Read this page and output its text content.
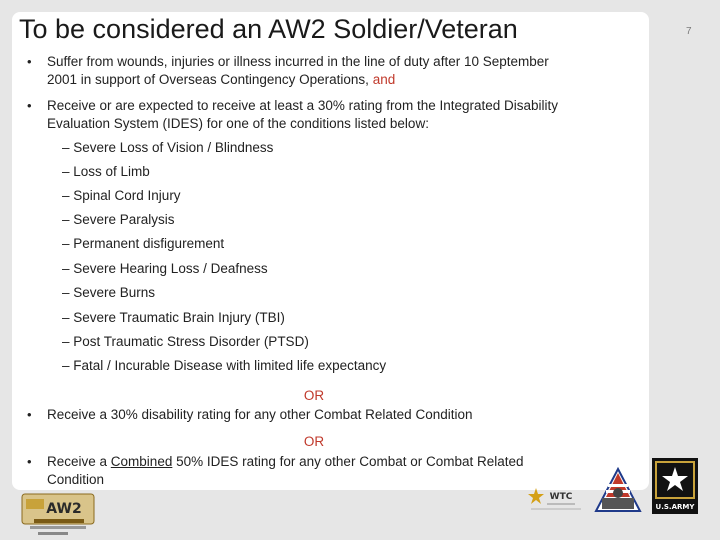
To be considered an AW2 Soldier/Veteran	7
• Suffer from wounds, injuries or illness incurred in the line of duty after 10 September
2001 in support of Overseas Contingency Operations, and
• Receive or are expected to receive at least a 30% rating from the Integrated Disability
Evaluation System (IDES) for one of the conditions listed below:
– Severe Loss of Vision / Blindness
– Loss of Limb
– Spinal Cord Injury
– Severe Paralysis
– Permanent disfigurement
– Severe Hearing Loss / Deafness
– Severe Burns
– Severe Traumatic Brain Injury (TBI)
– Post Traumatic Stress Disorder (PTSD)
– Fatal / Incurable Disease with limited life expectancy
OR
• Receive a 30% disability rating for any other Combat Related Condition
OR
• Receive a Combined 50% IDES rating for any other Combat or Combat Related
Condition
AW2
WTC
U.S.ARMY
